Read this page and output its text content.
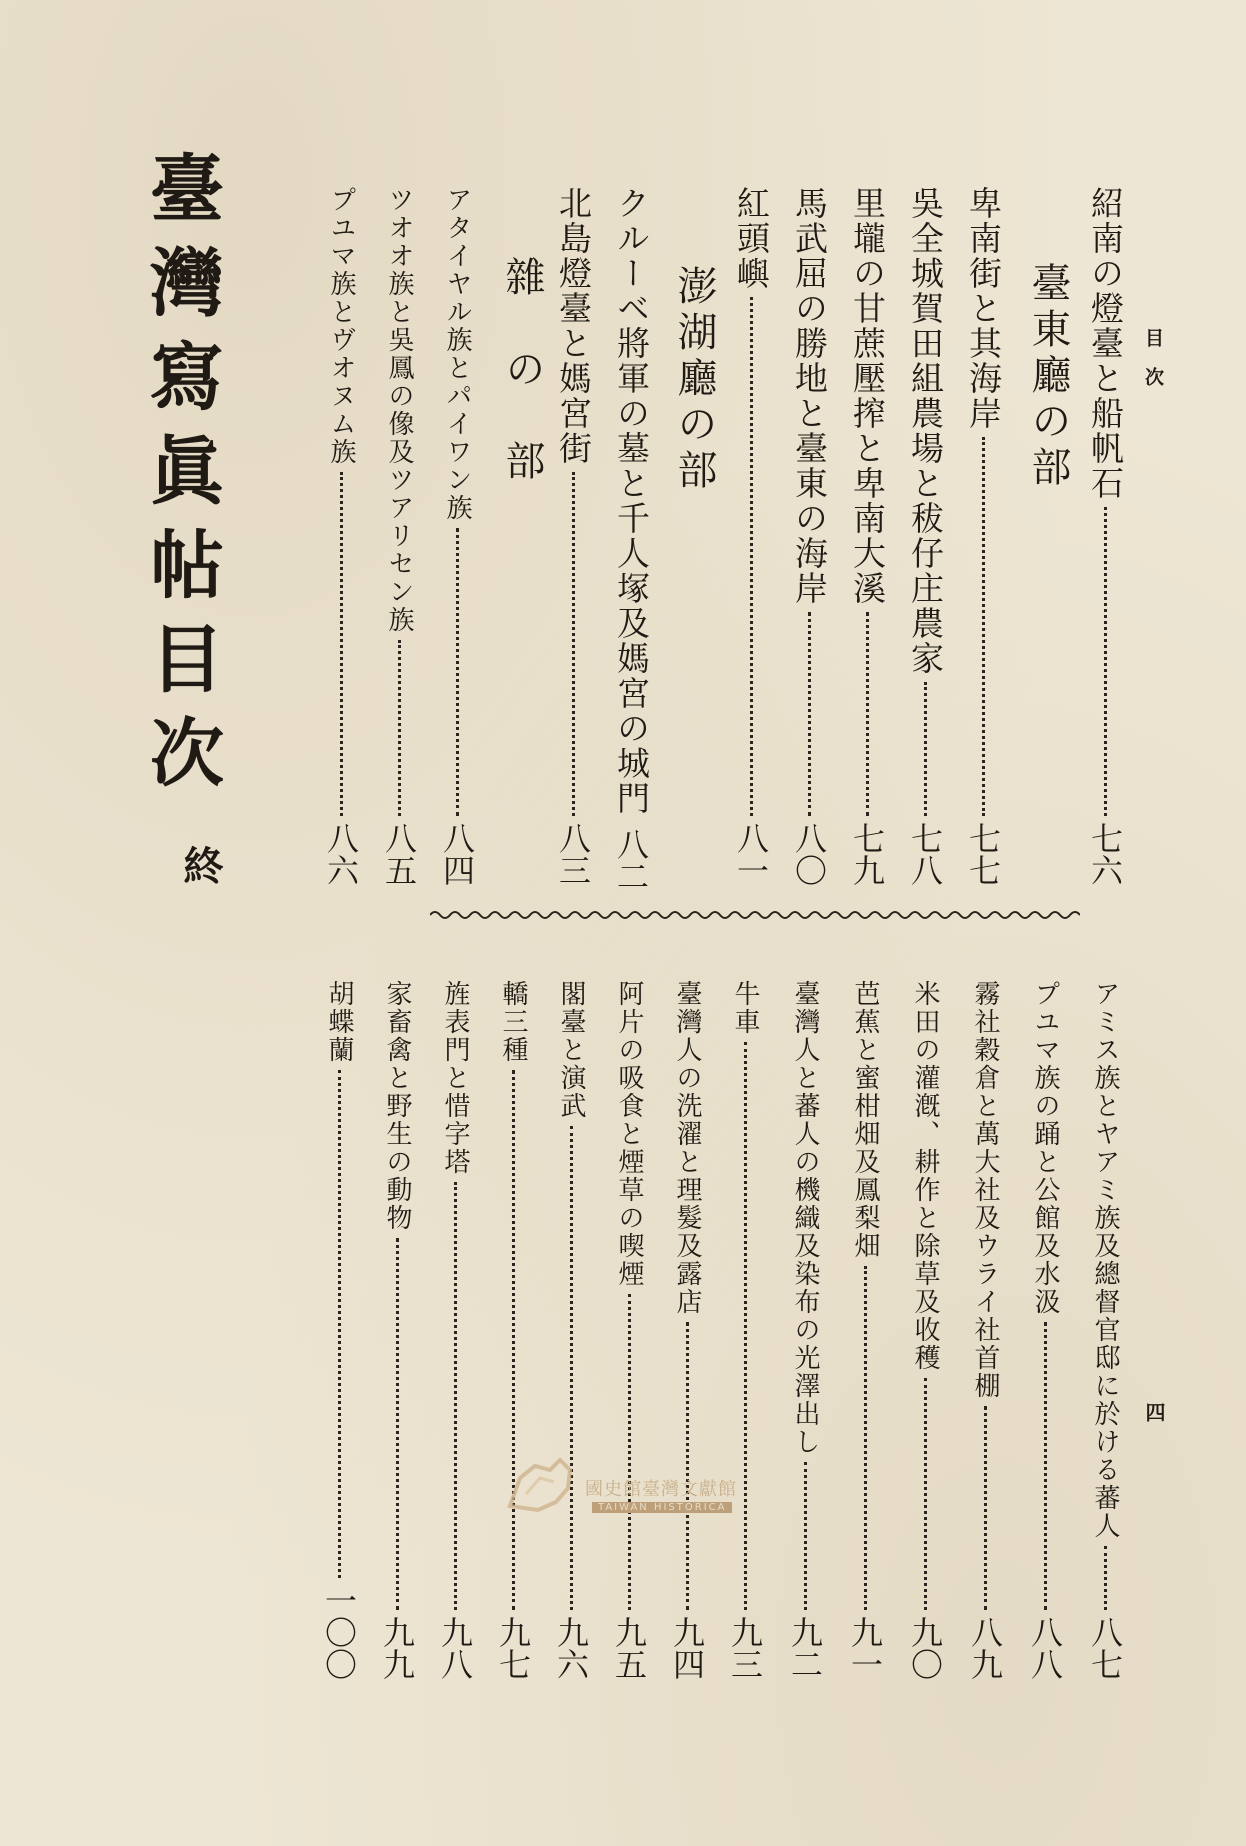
目次
四
臺灣寫眞帖目次
終
紹南の燈臺と船帆石
七六
臺東廳の部
卑南街と其海岸
七七
吳全城賀田組農場と秡仔庄農家
七八
里壠の甘蔗壓搾と卑南大溪
七九
馬武屈の勝地と臺東の海岸
八〇
紅頭嶼
八一
澎湖廳の部
クルーベ將軍の墓と千人塚及媽宮の城門
八二
北島燈臺と媽宮街
八三
雜　の　部
アタイヤル族とパイワン族
八四
ツオオ族と吳鳳の像及ツアリセン族
八五
プユマ族とヴオヌム族
八六
アミス族とヤアミ族及總督官邸に於ける蕃人
八七
プユマ族の踊と公館及水汲
八八
霧社穀倉と萬大社及ウライ社首棚
八九
米田の灌漑、耕作と除草及收穫
九〇
芭蕉と蜜柑畑及鳳梨畑
九一
臺灣人と蕃人の機織及染布の光澤出し
九二
牛車
九三
臺灣人の洗濯と理髮及露店
九四
阿片の吸食と煙草の喫煙
九五
閣臺と演武
九六
轎三種
九七
旌表門と惜字塔
九八
家畜禽と野生の動物
九九
胡蝶蘭
一〇〇
國史館臺灣文獻館
TAIWAN HISTORICA
